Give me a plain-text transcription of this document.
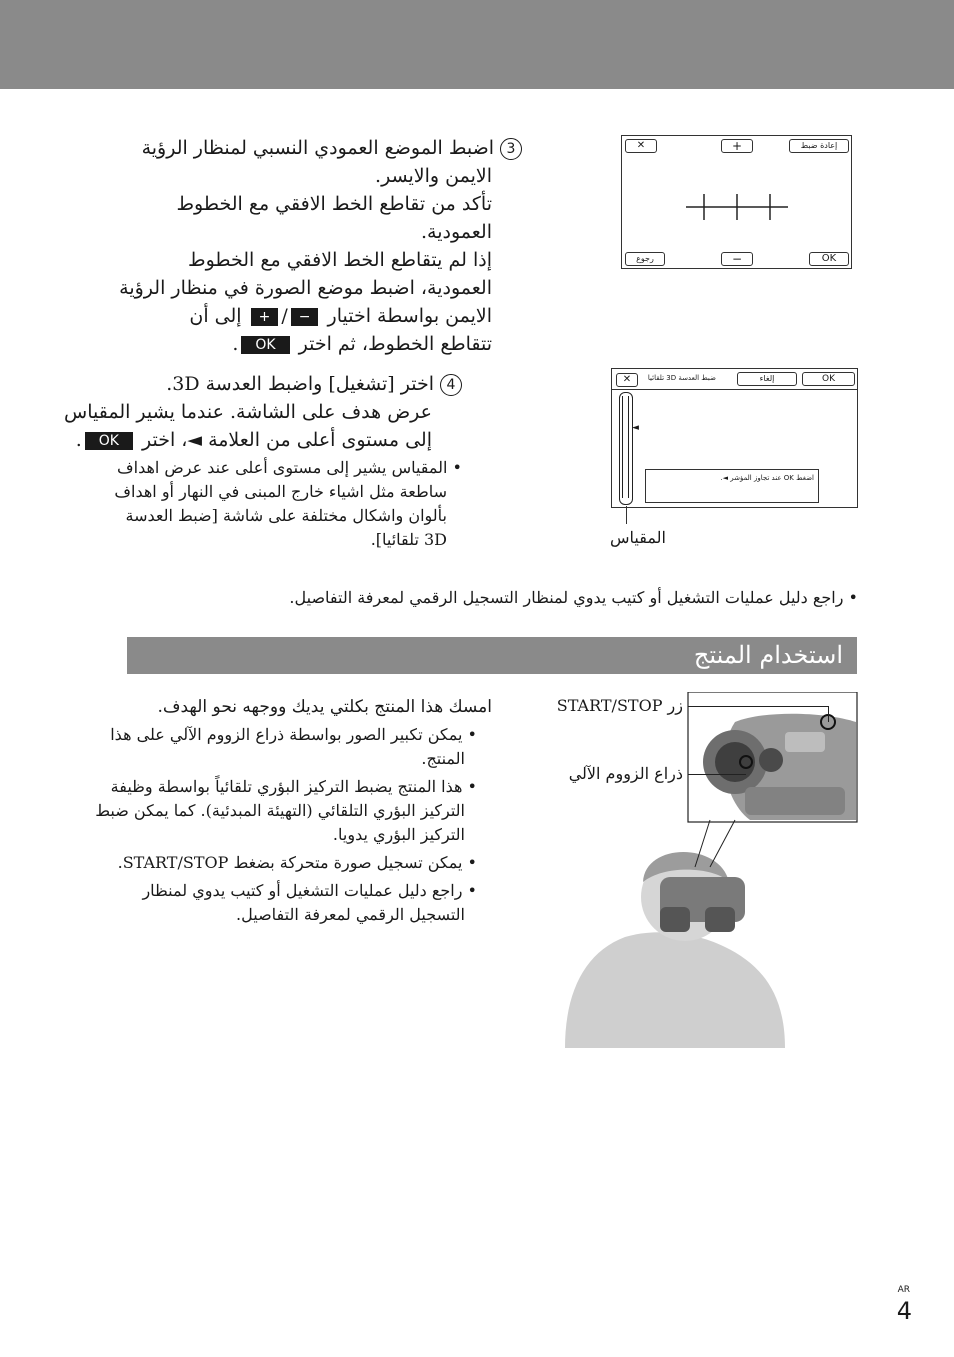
3اضبط الموضع العمودي النسبي لمنظار الرؤية
الايمن والايسر.
تأكد من تقاطع الخط الافقي مع الخطوط
العمودية.
إذا لم يتقاطع الخط الافقي مع الخطوط
العمودية، اضبط موضع الصورة في منظار الرؤية
الايمن بواسطة اختيار −/+ إلى أن
تتقاطع الخطوط، ثم اختر OK.
✕	+	إعادة ضبط
رجوع	−	OK
4اختر [تشغيل] واضبط العدسة 3D.
عرض هدف على الشاشة. عندما يشير المقياس
إلى مستوى أعلى من العلامة ◄، اختر OK.
• المقياس يشير إلى مستوى أعلى عند عرض اهداف
ساطعة مثل اشياء خارج المبنى في النهار أو اهداف
بألوان واشكال مختلفة على شاشة [ضبط العدسة
3D تلقائيا].
✕	ضبط العدسة 3D تلقائيا	إلغاء	OK
◄
اضغط OK عند تجاوز المؤشر ◄.
المقياس
• راجع دليل عمليات التشغيل أو كتيب يدوي لمنظار التسجيل الرقمي لمعرفة التفاصيل.
استخدام المنتج
امسك هذا المنتج بكلتي يديك ووجهه نحو الهدف.
• يمكن تكبير الصور بواسطة ذراع الزووم الآلي على هذا
المنتج.
• هذا المنتج يضبط التركيز البؤري تلقائياً بواسطة وظيفة
التركيز البؤري التلقائي (التهيئة المبدئية). كما يمكن ضبط
التركيز البؤري يدويا.
• يمكن تسجيل صورة متحركة بضغط START/STOP.
• راجع دليل عمليات التشغيل أو كتيب يدوي لمنظار
التسجيل الرقمي لمعرفة التفاصيل.
زر START/STOP
ذراع الزووم الآلي
AR
4
